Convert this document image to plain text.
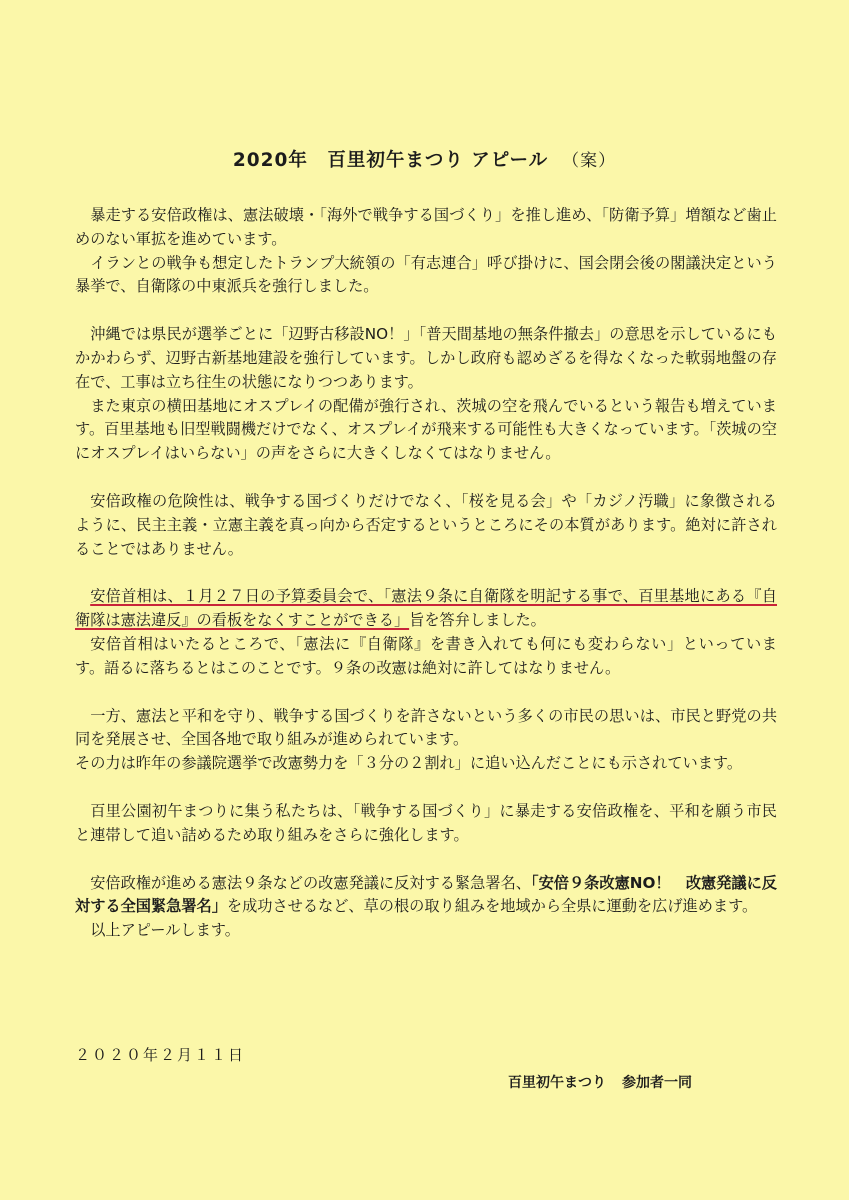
2020年　百里初午まつり アピール （案）

暴走する安倍政権は、憲法破壊・「海外で戦争する国づくり」を推し進め、「防衛予算」増額など歯止めのない軍拡を進めています。

イランとの戦争も想定したトランプ大統領の「有志連合」呼び掛けに、国会閉会後の閣議決定という暴挙で、自衛隊の中東派兵を強行しました。

沖縄では県民が選挙ごとに「辺野古移設NO！」「普天間基地の無条件撤去」の意思を示しているにもかかわらず、辺野古新基地建設を強行しています。しかし政府も認めざるを得なくなった軟弱地盤の存在で、工事は立ち往生の状態になりつつあります。

また東京の横田基地にオスプレイの配備が強行され、茨城の空を飛んでいるという報告も増えています。百里基地も旧型戦闘機だけでなく、オスプレイが飛来する可能性も大きくなっています。「茨城の空にオスプレイはいらない」の声をさらに大きくしなくてはなりません。

安倍政権の危険性は、戦争する国づくりだけでなく、「桜を見る会」や「カジノ汚職」に象徴されるように、民主主義・立憲主義を真っ向から否定するというところにその本質があります。絶対に許されることではありません。

安倍首相は、１月２７日の予算委員会で、「憲法９条に自衛隊を明記する事で、百里基地にある『自衛隊は憲法違反』の看板をなくすことができる」旨を答弁しました。

安倍首相はいたるところで、「憲法に『自衛隊』を書き入れても何にも変わらない」といっています。語るに落ちるとはこのことです。９条の改憲は絶対に許してはなりません。

一方、憲法と平和を守り、戦争する国づくりを許さないという多くの市民の思いは、市民と野党の共同を発展させ、全国各地で取り組みが進められています。

その力は昨年の参議院選挙で改憲勢力を「３分の２割れ」に追い込んだことにも示されています。

百里公園初午まつりに集う私たちは、「戦争する国づくり」に暴走する安倍政権を、平和を願う市民と連帯して追い詰めるため取り組みをさらに強化します。

安倍政権が進める憲法９条などの改憲発議に反対する緊急署名、「安倍９条改憲NO！　改憲発議に反対する全国緊急署名」を成功させるなど、草の根の取り組みを地域から全県に運動を広げ進めます。

以上アピールします。

２０２０年２月１１日
百里初午まつり 参加者一同
